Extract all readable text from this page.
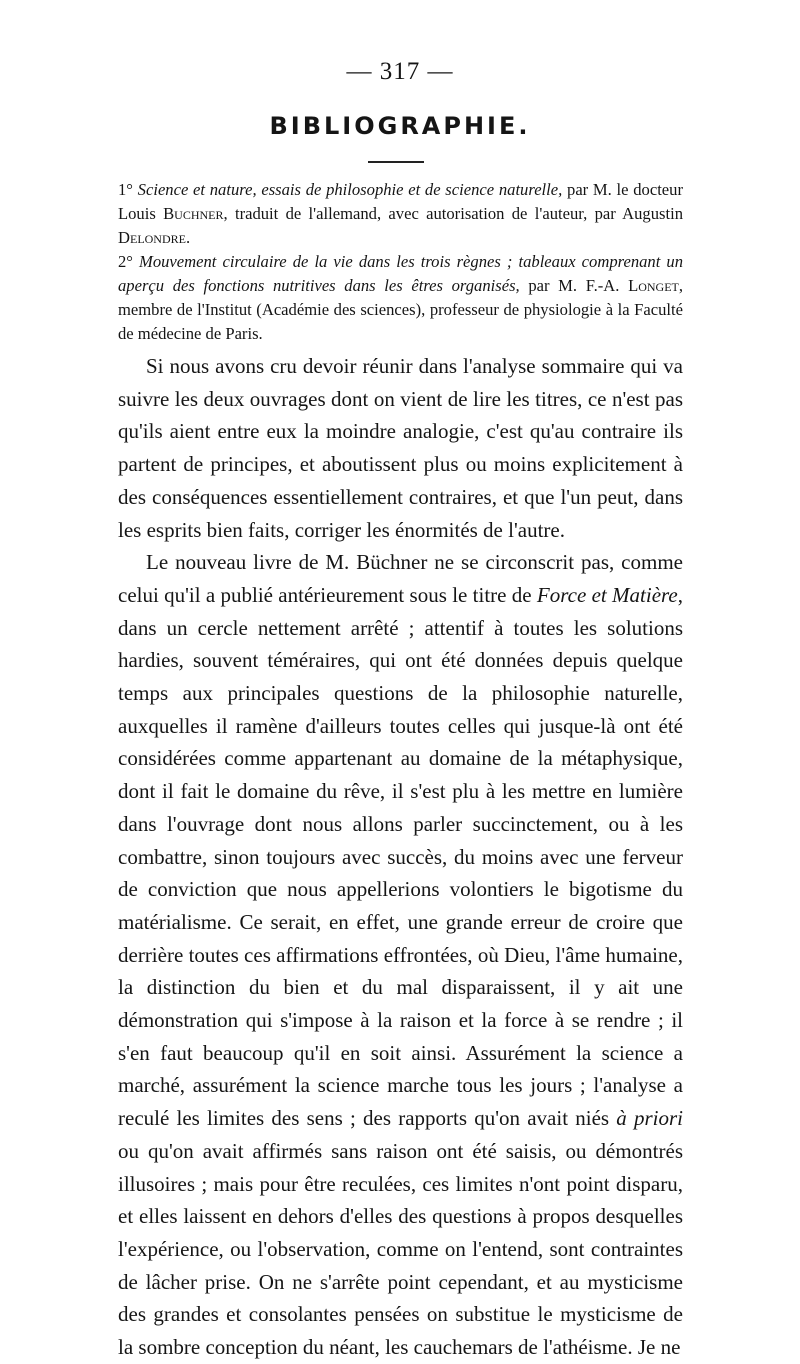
— 317 —
BIBLIOGRAPHIE.

1° Science et nature, essais de philosophie et de science naturelle, par M. le docteur Louis Buchner, traduit de l'allemand, avec autorisation de l'auteur, par Augustin Delondre.

2° Mouvement circulaire de la vie dans les trois règnes ; tableaux comprenant un aperçu des fonctions nutritives dans les êtres organisés, par M. F.-A. Longet, membre de l'Institut (Académie des sciences), professeur de physiologie à la Faculté de médecine de Paris.

Si nous avons cru devoir réunir dans l'analyse sommaire qui va suivre les deux ouvrages dont on vient de lire les titres, ce n'est pas qu'ils aient entre eux la moindre analogie, c'est qu'au contraire ils partent de principes, et aboutissent plus ou moins explicitement à des conséquences essentiellement contraires, et que l'un peut, dans les esprits bien faits, corriger les énormités de l'autre.

Le nouveau livre de M. Büchner ne se circonscrit pas, comme celui qu'il a publié antérieurement sous le titre de Force et Matière, dans un cercle nettement arrêté ; attentif à toutes les solutions hardies, souvent téméraires, qui ont été données depuis quelque temps aux principales questions de la philosophie naturelle, auxquelles il ramène d'ailleurs toutes celles qui jusque-là ont été considérées comme appartenant au domaine de la métaphysique, dont il fait le domaine du rêve, il s'est plu à les mettre en lumière dans l'ouvrage dont nous allons parler succinctement, ou à les combattre, sinon toujours avec succès, du moins avec une ferveur de conviction que nous appellerions volontiers le bigotisme du matérialisme. Ce serait, en effet, une grande erreur de croire que derrière toutes ces affirmations effrontées, où Dieu, l'âme humaine, la distinction du bien et du mal disparaissent, il y ait une démonstration qui s'impose à la raison et la force à se rendre ; il s'en faut beaucoup qu'il en soit ainsi. Assurément la science a marché, assurément la science marche tous les jours ; l'analyse a reculé les limites des sens ; des rapports qu'on avait niés à priori ou qu'on avait affirmés sans raison ont été saisis, ou démontrés illusoires ; mais pour être reculées, ces limites n'ont point disparu, et elles laissent en dehors d'elles des questions à propos desquelles l'expérience, ou l'observation, comme on l'entend, sont contraintes de lâcher prise. On ne s'arrête point cependant, et au mysticisme des grandes et consolantes pensées on substitue le mysticisme de la sombre conception du néant, les cauchemars de l'athéisme. Je ne
